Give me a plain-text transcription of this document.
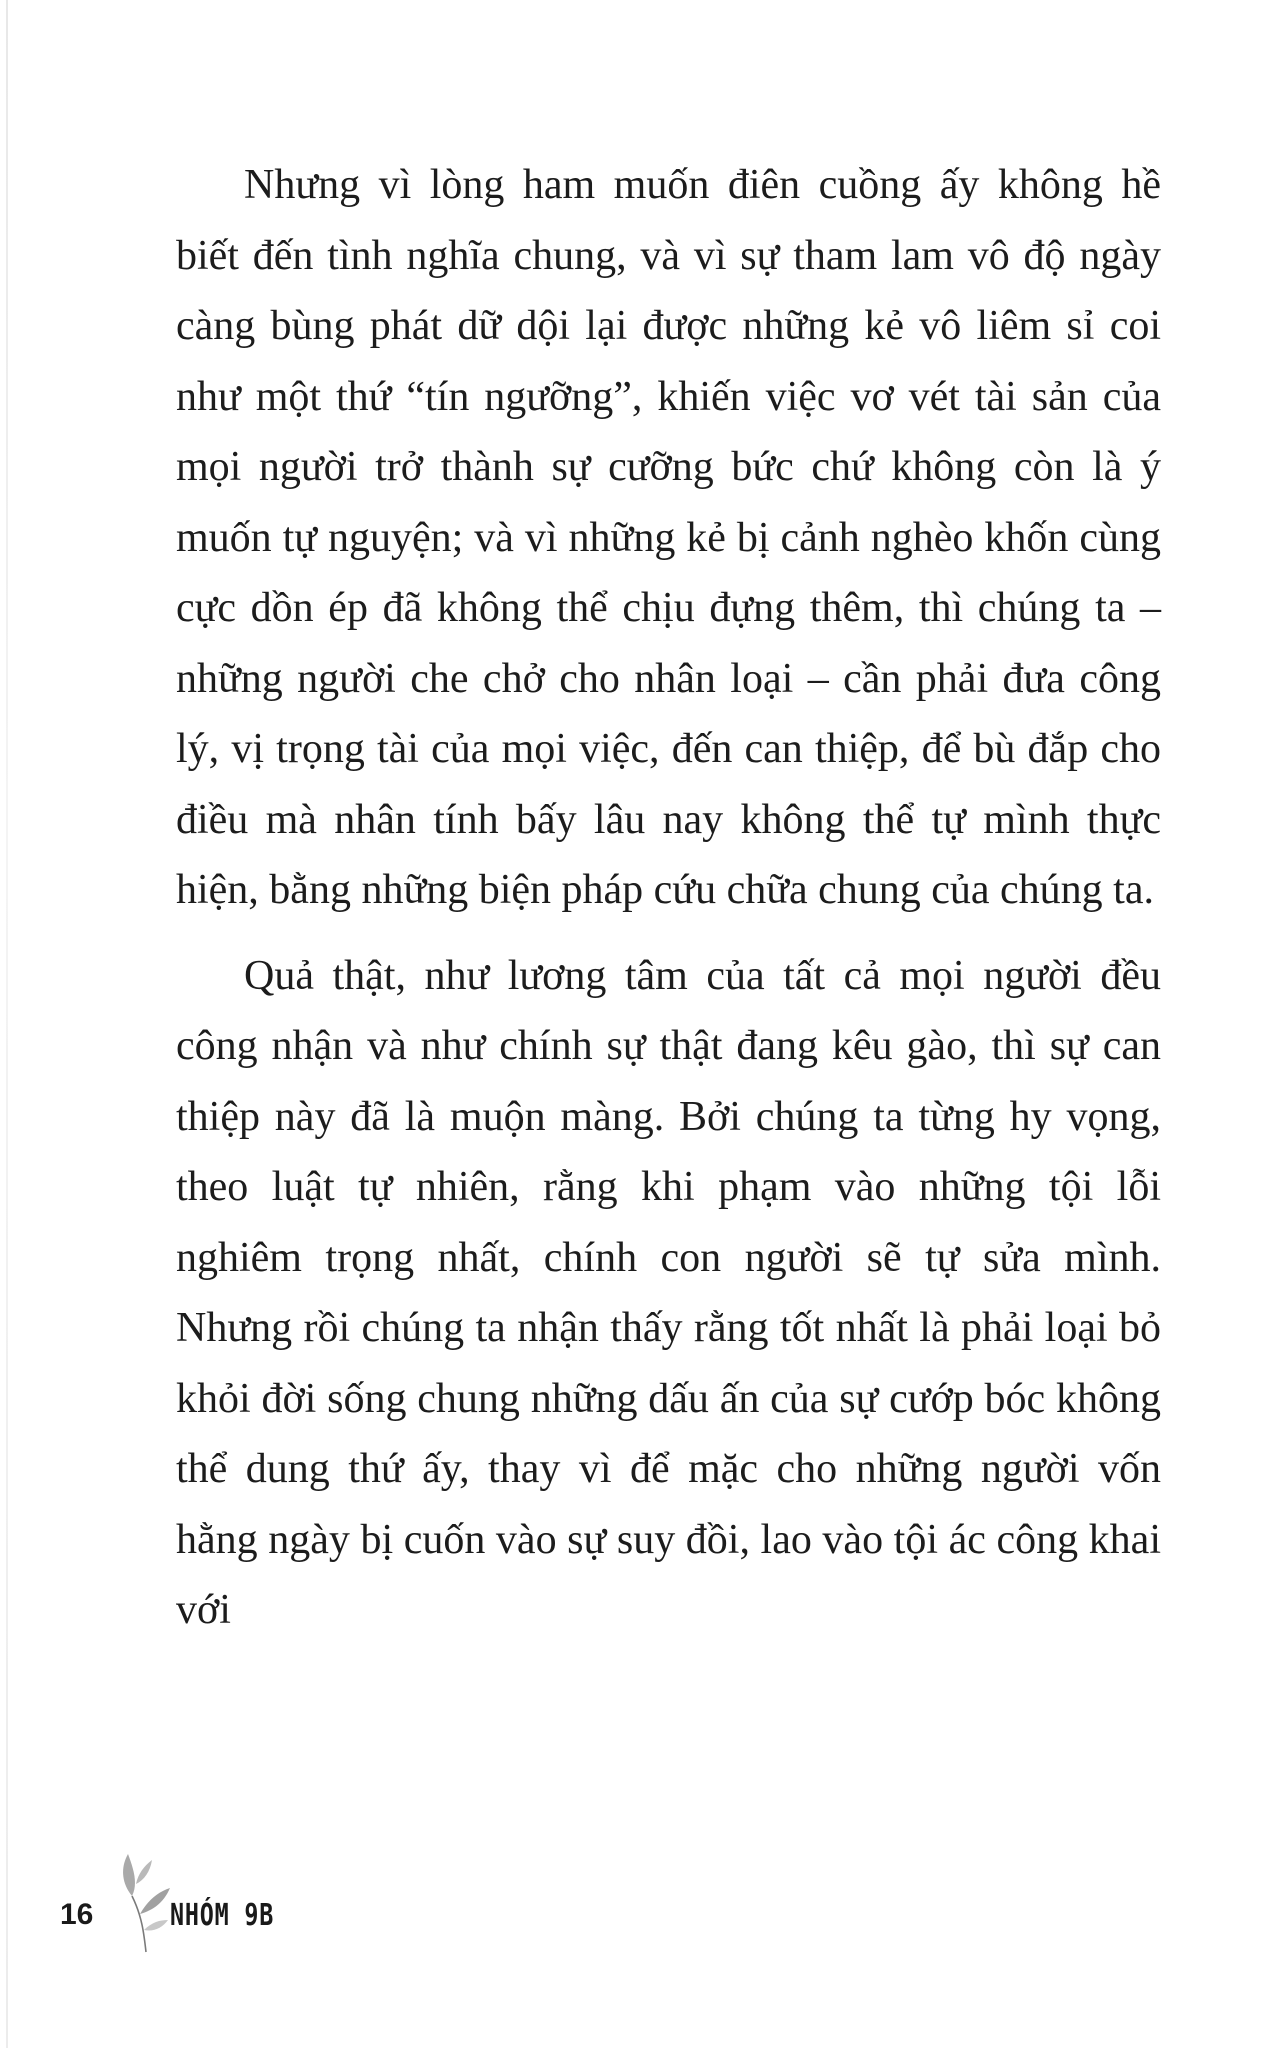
Nhưng vì lòng ham muốn điên cuồng ấy không hề biết đến tình nghĩa chung, và vì sự tham lam vô độ ngày càng bùng phát dữ dội lại được những kẻ vô liêm sỉ coi như một thứ “tín ngưỡng”, khiến việc vơ vét tài sản của mọi người trở thành sự cưỡng bức chứ không còn là ý muốn tự nguyện; và vì những kẻ bị cảnh nghèo khốn cùng cực dồn ép đã không thể chịu đựng thêm, thì chúng ta – những người che chở cho nhân loại – cần phải đưa công lý, vị trọng tài của mọi việc, đến can thiệp, để bù đắp cho điều mà nhân tính bấy lâu nay không thể tự mình thực hiện, bằng những biện pháp cứu chữa chung của chúng ta.

Quả thật, như lương tâm của tất cả mọi người đều công nhận và như chính sự thật đang kêu gào, thì sự can thiệp này đã là muộn màng. Bởi chúng ta từng hy vọng, theo luật tự nhiên, rằng khi phạm vào những tội lỗi nghiêm trọng nhất, chính con người sẽ tự sửa mình. Nhưng rồi chúng ta nhận thấy rằng tốt nhất là phải loại bỏ khỏi đời sống chung những dấu ấn của sự cướp bóc không thể dung thứ ấy, thay vì để mặc cho những người vốn hằng ngày bị cuốn vào sự suy đồi, lao vào tội ác công khai với

16	NHÓM 9B
